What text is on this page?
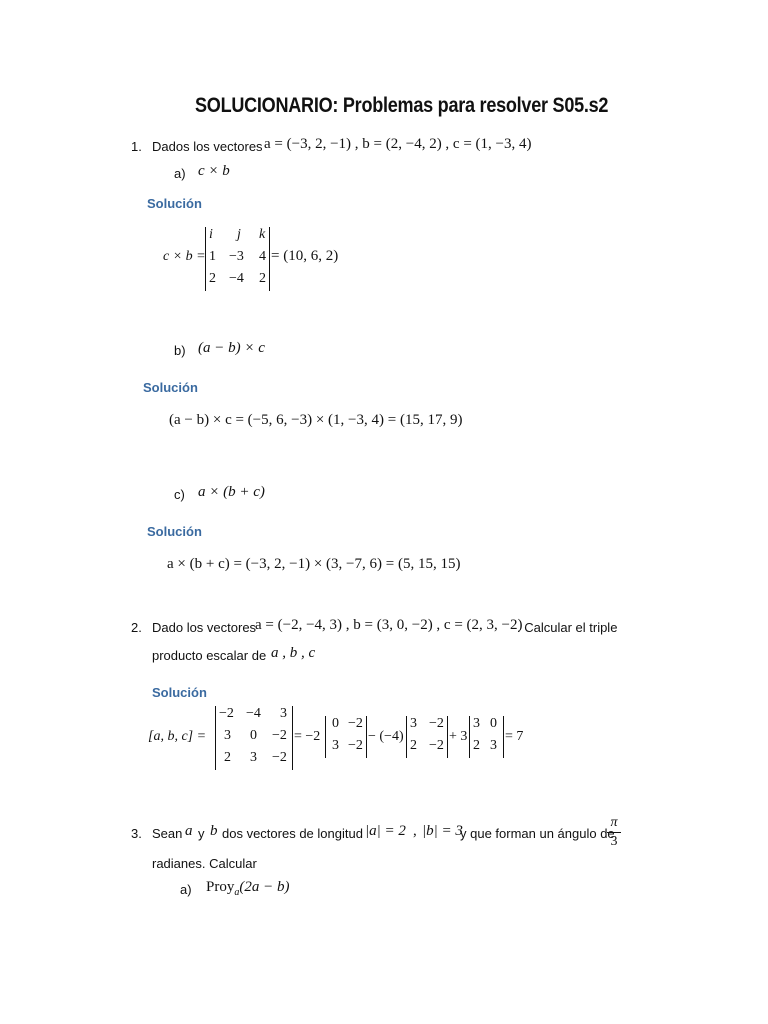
SOLUCIONARIO: Problemas para resolver S05.s2
1. Dados los vectores a = (−3, 2, −1) , b = (2, −4, 2) , c = (1, −3, 4)
a) c × b
Solución
c × b =
i j k
1 −3 4
2 −4 2
= (10, 6, 2)
b) (a − b) × c
Solución
(a − b) × c = (−5, 6, −3) × (1, −3, 4) = (15, 17, 9)
c) a × (b + c)
Solución
a × (b + c) = (−3, 2, −1) × (3, −7, 6) = (5, 15, 15)
2. Dado los vectores
a = (−2, −4, 3) , b = (3, 0, −2) , c = (2, 3, −2)
. Calcular el triple
producto escalar de a , b , c
Solución
[a, b, c] =
−2 −4 3
3 0 −2
2 3 −2
= −2
0 −2
3 −2
− (−4)
3 −2
2 −2
+ 3
3 0
2 3
= 7
3. Sean a y b dos vectores de longitud |a| = 2 , |b| = 3
y que forman un ángulo de
π
3
radianes. Calcular
a) Proy$_a$(2a − b)
